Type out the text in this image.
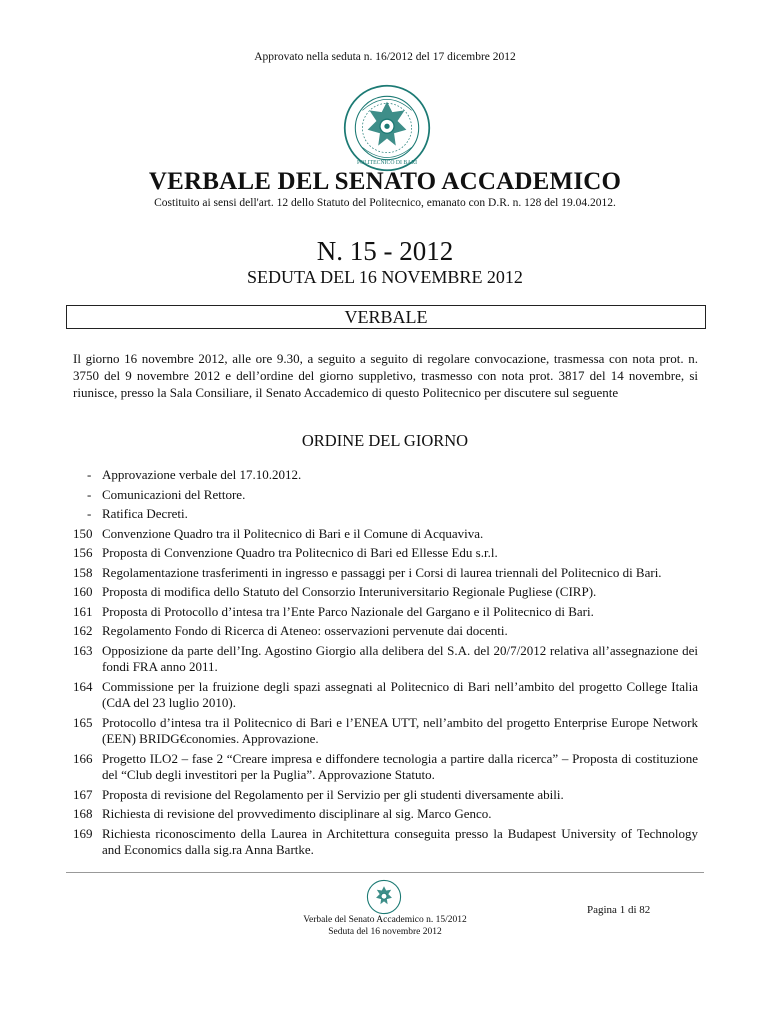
Approvato nella seduta n. 16/2012 del 17 dicembre 2012
POLITECNICO DI BARI
VERBALE DEL SENATO ACCADEMICO
Costituito ai sensi dell'art. 12 dello Statuto del Politecnico, emanato con D.R. n. 128 del 19.04.2012.
N. 15 - 2012
SEDUTA DEL 16 NOVEMBRE 2012
VERBALE
Il giorno 16 novembre 2012, alle ore 9.30, a seguito a seguito di regolare convocazione, trasmessa con nota prot. n. 3750 del 9 novembre 2012 e dell’ordine del giorno suppletivo, trasmesso con nota prot. 3817 del 14 novembre, si riunisce, presso la Sala Consiliare, il Senato Accademico di questo Politecnico per discutere sul seguente
ORDINE DEL GIORNO
- Approvazione verbale del 17.10.2012.
- Comunicazioni del Rettore.
- Ratifica Decreti.
150 Convenzione Quadro tra il Politecnico di Bari e il Comune di Acquaviva.
156 Proposta di Convenzione Quadro tra Politecnico di Bari ed Ellesse Edu s.r.l.
158 Regolamentazione trasferimenti in ingresso e passaggi per i Corsi di laurea triennali del Politecnico di Bari.
160 Proposta di modifica dello Statuto del Consorzio Interuniversitario Regionale Pugliese (CIRP).
161 Proposta di Protocollo d’intesa tra l’Ente Parco Nazionale del Gargano e il Politecnico di Bari.
162 Regolamento Fondo di Ricerca di Ateneo: osservazioni pervenute dai docenti.
163 Opposizione da parte dell’Ing. Agostino Giorgio alla delibera del S.A. del 20/7/2012 relativa all’assegnazione dei fondi FRA anno 2011.
164 Commissione per la fruizione degli spazi assegnati al Politecnico di Bari nell’ambito del progetto College Italia (CdA del 23 luglio 2010).
165 Protocollo d’intesa tra il Politecnico di Bari e l’ENEA UTT, nell’ambito del progetto Enterprise Europe Network (EEN) BRIDG€conomies. Approvazione.
166 Progetto ILO2 – fase 2 “Creare impresa e diffondere tecnologia a partire dalla ricerca” – Proposta di costituzione del “Club degli investitori per la Puglia”. Approvazione Statuto.
167 Proposta di revisione del Regolamento per il Servizio per gli studenti diversamente abili.
168 Richiesta di revisione del provvedimento disciplinare al sig. Marco Genco.
169 Richiesta riconoscimento della Laurea in Architettura conseguita presso la Budapest University of Technology and Economics dalla sig.ra Anna Bartke.
Verbale del Senato Accademico n. 15/2012
Seduta del 16 novembre 2012
Pagina 1 di 82
